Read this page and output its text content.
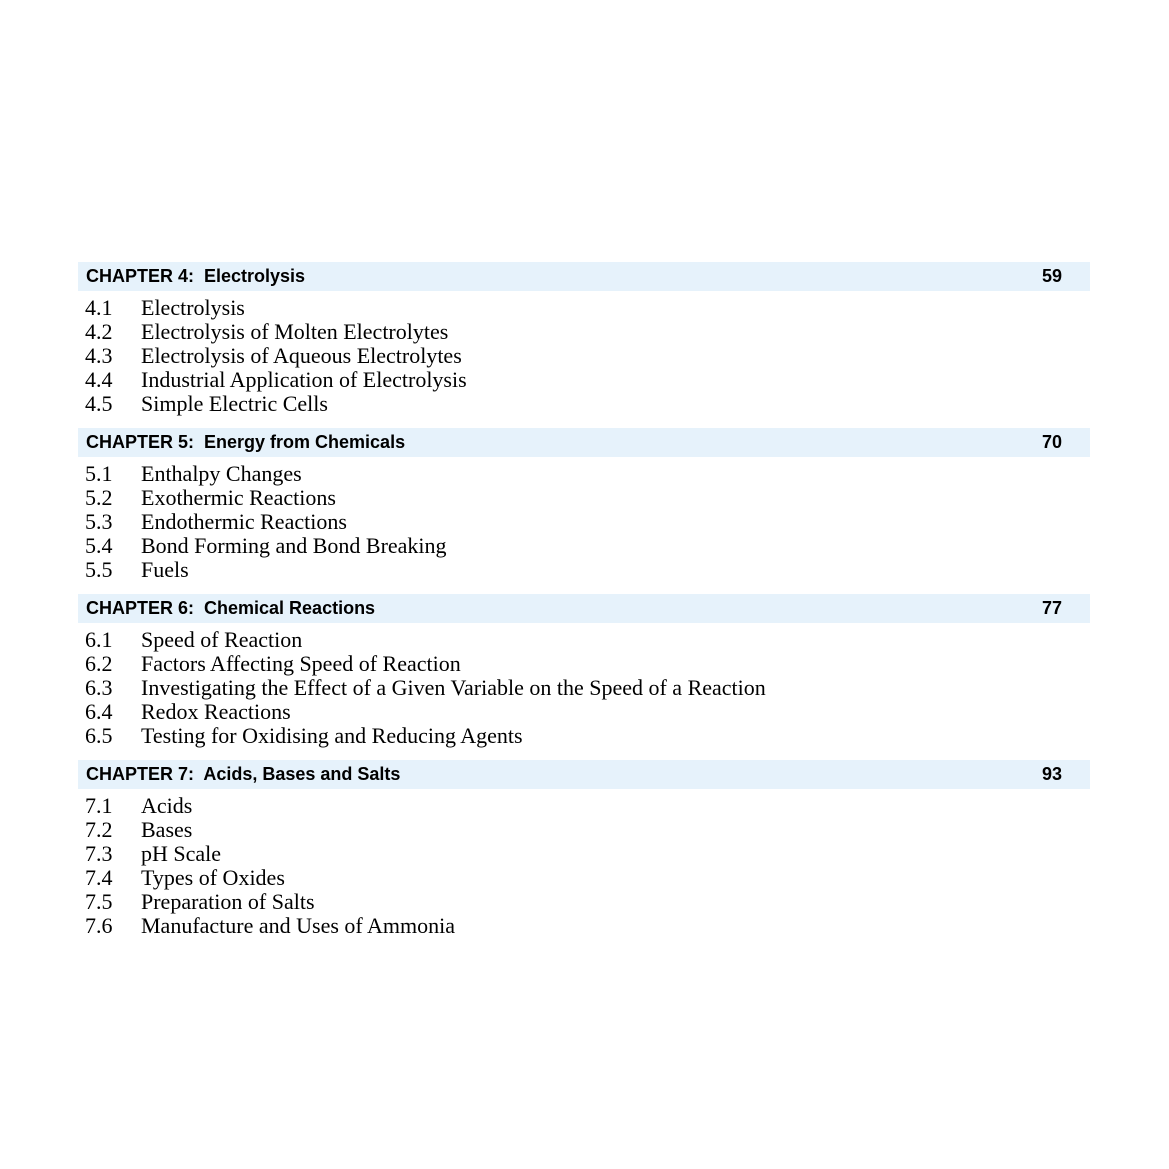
CHAPTER 4:  Electrolysis	59
4.1	Electrolysis
4.2	Electrolysis of Molten Electrolytes
4.3	Electrolysis of Aqueous Electrolytes
4.4	Industrial Application of Electrolysis
4.5	Simple Electric Cells
CHAPTER 5:  Energy from Chemicals	70
5.1	Enthalpy Changes
5.2	Exothermic Reactions
5.3	Endothermic Reactions
5.4	Bond Forming and Bond Breaking
5.5	Fuels
CHAPTER 6:  Chemical Reactions	77
6.1	Speed of Reaction
6.2	Factors Affecting Speed of Reaction
6.3	Investigating the Effect of a Given Variable on the Speed of a Reaction
6.4	Redox Reactions
6.5	Testing for Oxidising and Reducing Agents
CHAPTER 7:  Acids, Bases and Salts	93
7.1	Acids
7.2	Bases
7.3	pH Scale
7.4	Types of Oxides
7.5	Preparation of Salts
7.6	Manufacture and Uses of Ammonia
